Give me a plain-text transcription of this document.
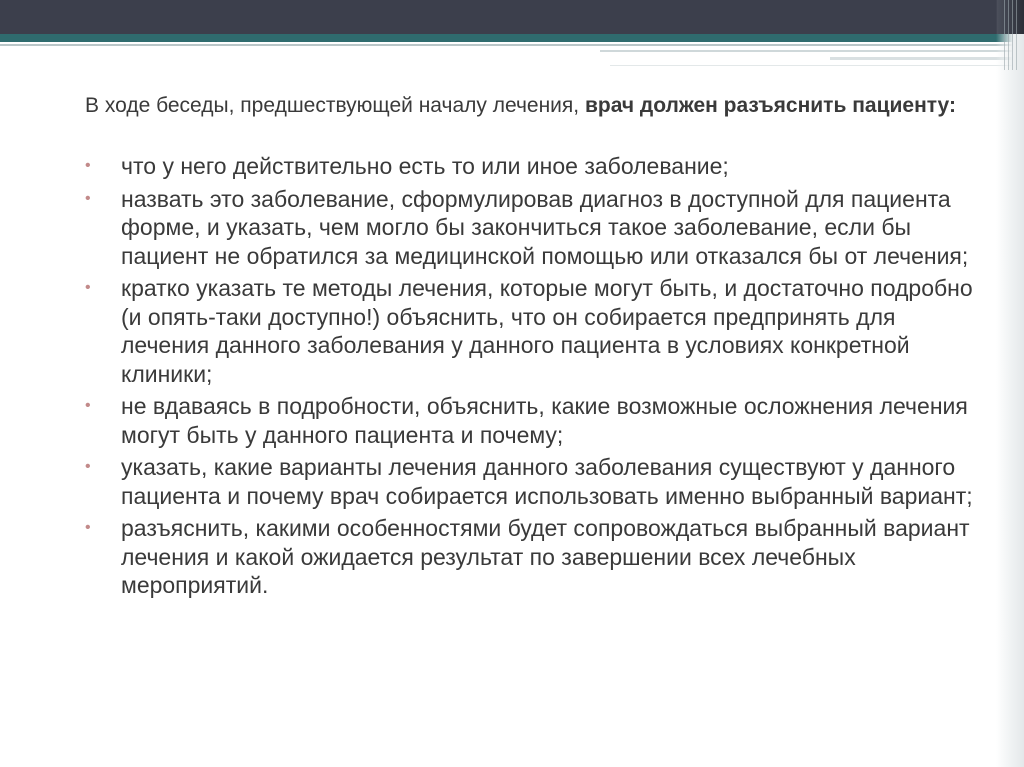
В ходе беседы, предшествующей началу лечения, врач должен разъяснить пациенту:

• что у него действительно есть то или иное заболевание;
• назвать это заболевание, сформулировав диагноз в доступной для пациента форме, и указать, чем могло бы закончиться такое заболевание, если бы пациент не обратился за медицинской помощью или отказался бы от лечения;
• кратко указать те методы лечения, которые могут быть, и достаточно подробно (и опять-таки доступно!) объяснить, что он собирается предпринять для лечения данного заболевания у данного пациента в условиях конкретной клиники;
• не вдаваясь в подробности, объяснить, какие возможные осложнения лечения могут быть у данного пациента и почему;
• указать, какие варианты лечения данного заболевания существуют у данного пациента и почему врач собирается использовать именно выбранный вариант;
• разъяснить, какими особенностями будет сопровождаться выбранный вариант лечения и какой ожидается результат по завершении всех лечебных мероприятий.
